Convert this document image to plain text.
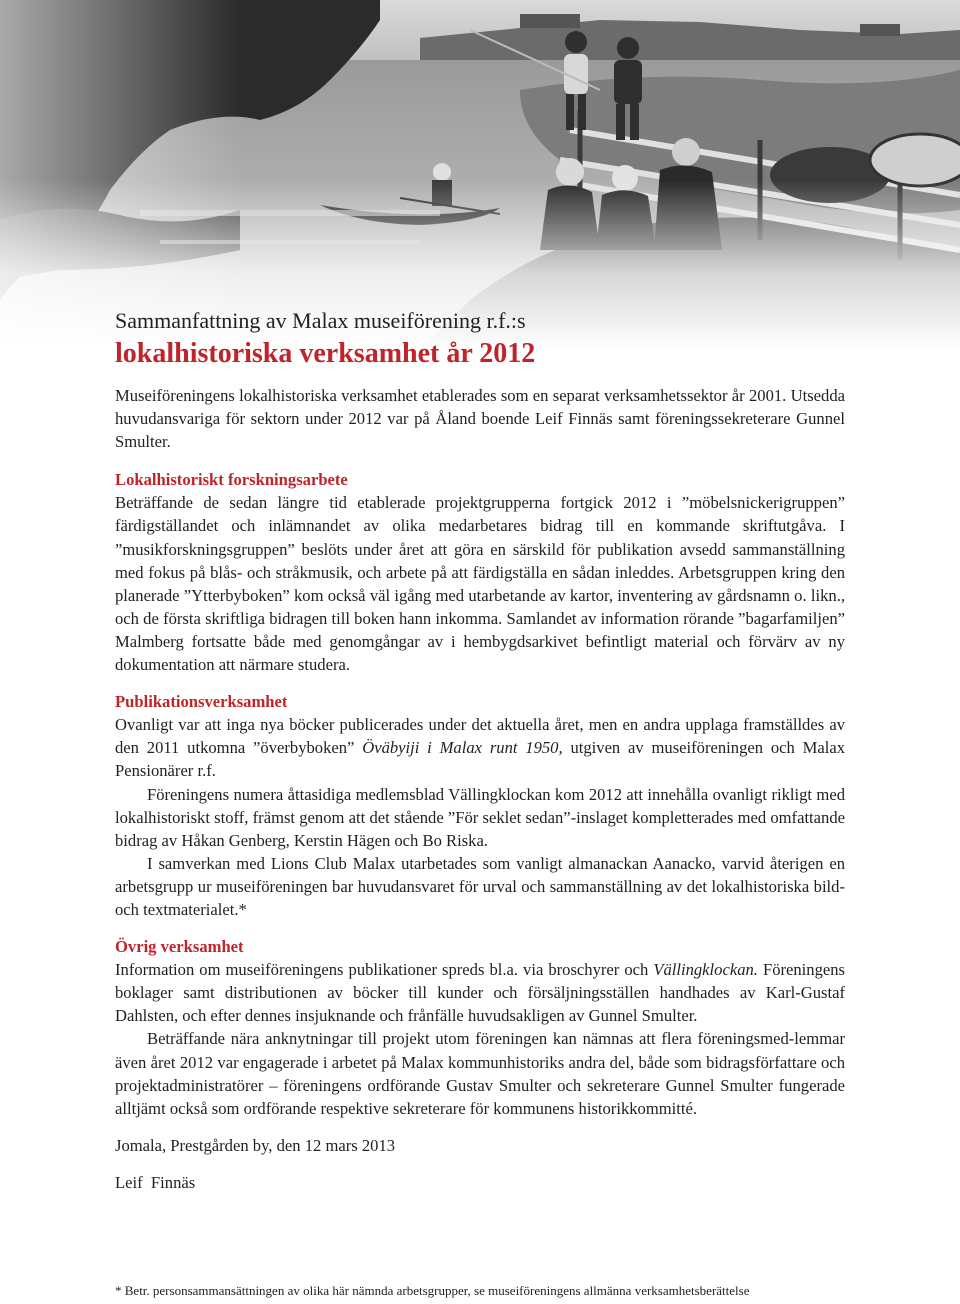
Sammanfattning av Malax museiförening r.f.:s
lokalhistoriska verksamhet år 2012

Museiföreningens lokalhistoriska verksamhet etablerades som en separat verksamhetssektor år 2001. Utsedda huvudansvariga för sektorn under 2012 var på Åland boende Leif Finnäs samt föreningssekreterare Gunnel Smulter.

Lokalhistoriskt forskningsarbete

Beträffande de sedan längre tid etablerade projektgrupperna fortgick 2012 i ”möbelsnickerigruppen” färdigställandet och inlämnandet av olika medarbetares bidrag till en kommande skriftutgåva. I ”musikforskningsgruppen” beslöts under året att göra en särskild för publikation avsedd sammanställning med fokus på blås- och stråkmusik, och arbete på att färdigställa en sådan inleddes. Arbetsgruppen kring den planerade ”Ytterbyboken” kom också väl igång med utarbetande av kartor, inventering av gårdsnamn o. likn., och de första skriftliga bidragen till boken hann inkomma. Samlandet av information rörande ”bagarfamiljen” Malmberg fortsatte både med genomgångar av i hembygdsarkivet befintligt material och förvärv av ny dokumentation att närmare studera.

Publikationsverksamhet

Ovanligt var att inga nya böcker publicerades under det aktuella året, men en andra upplaga framställdes av den 2011 utkomna ”överbyboken” Öväbyiji i Malax runt 1950, utgiven av museiföreningen och Malax Pensionärer r.f.

Föreningens numera åttasidiga medlemsblad Vällingklockan kom 2012 att innehålla ovanligt rikligt med lokalhistoriskt stoff, främst genom att det stående ”För seklet sedan”-inslaget kompletterades med omfattande bidrag av Håkan Genberg, Kerstin Hägen och Bo Riska.

I samverkan med Lions Club Malax utarbetades som vanligt almanackan Aanacko, varvid återigen en arbetsgrupp ur museiföreningen bar huvudansvaret för urval och sammanställning av det lokalhistoriska bild- och textmaterialet.*

Övrig verksamhet

Information om museiföreningens publikationer spreds bl.a. via broschyrer och Vällingklockan. Föreningens boklager samt distributionen av böcker till kunder och försäljningsställen handhades av Karl-Gustaf Dahlsten, och efter dennes insjuknande och frånfälle huvudsakligen av Gunnel Smulter.

Beträffande nära anknytningar till projekt utom föreningen kan nämnas att flera föreningsmed-lemmar även året 2012 var engagerade i arbetet på Malax kommunhistoriks andra del, både som bidragsförfattare och projektadministratörer – föreningens ordförande Gustav Smulter och sekreterare Gunnel Smulter fungerade alltjämt också som ordförande respektive sekreterare för kommunens historikkommitté.

Jomala, Prestgården by, den 12 mars 2013

Leif  Finnäs

* Betr. personsammansättningen av olika här nämnda arbetsgrupper, se museiföreningens allmänna verksamhetsberättelse
